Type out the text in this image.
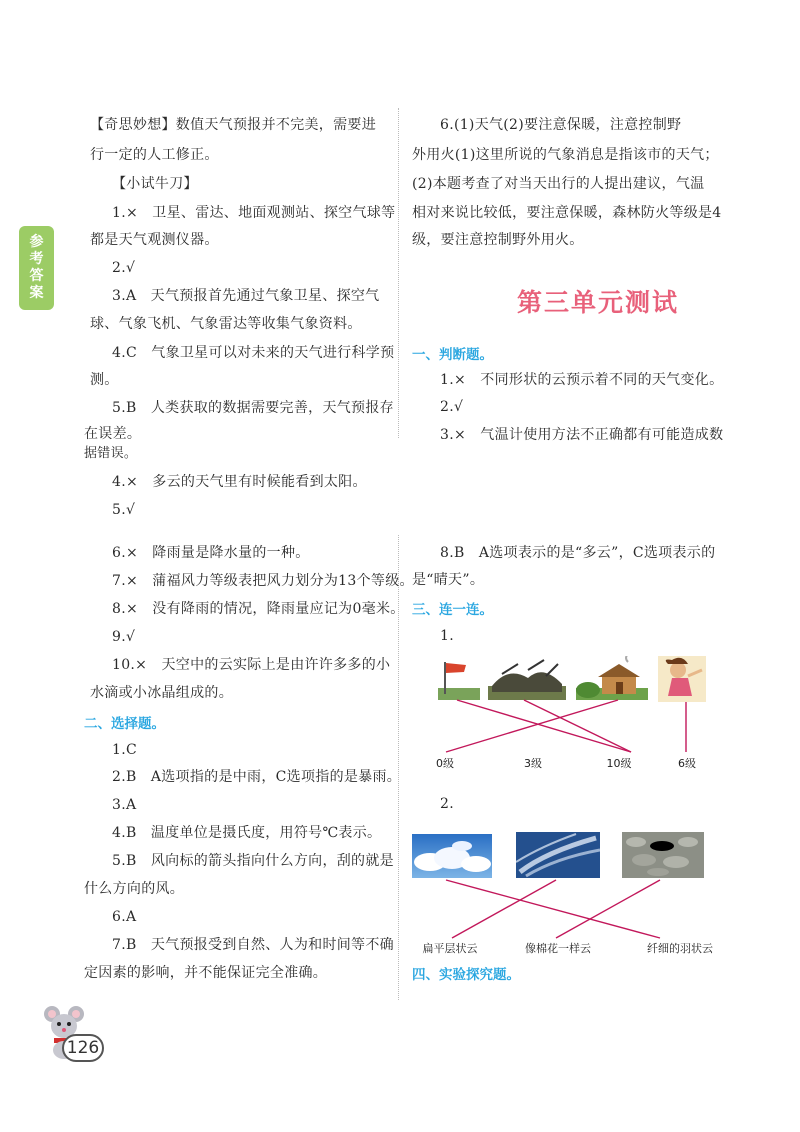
参考答案
【奇思妙想】数值天气预报并不完美，需要进
行一定的人工修正。
【小试牛刀】
1.×　卫星、雷达、地面观测站、探空气球等
都是天气观测仪器。
2.√
3.A　天气预报首先通过气象卫星、探空气
球、气象飞机、气象雷达等收集气象资料。
4.C　气象卫星可以对未来的天气进行科学预
测。
5.B　人类获取的数据需要完善，天气预报存
在误差。
据错误。
4.×　多云的天气里有时候能看到太阳。
5.√
6.×　降雨量是降水量的一种。
7.×　蒲福风力等级表把风力划分为13个等级。
8.×　没有降雨的情况，降雨量应记为0毫米。
9.√
10.×　天空中的云实际上是由许许多多的小
水滴或小冰晶组成的。
二、选择题。
1.C
2.B　A选项指的是中雨，C选项指的是暴雨。
3.A
4.B　温度单位是摄氏度，用符号℃表示。
5.B　风向标的箭头指向什么方向，刮的就是
什么方向的风。
6.A
7.B　天气预报受到自然、人为和时间等不确
定因素的影响，并不能保证完全准确。
6.(1)天气(2)要注意保暖，注意控制野
外用火(1)这里所说的气象消息是指该市的天气；
(2)本题考查了对当天出行的人提出建议，气温
相对来说比较低，要注意保暖，森林防火等级是4
级，要注意控制野外用火。
第三单元测试
一、判断题。
1.×　不同形状的云预示着不同的天气变化。
2.√
3.×　气温计使用方法不正确都有可能造成数
8.B　A选项表示的是“多云”，C选项表示的
是“晴天”。
三、连一连。
1.
0级	3级	10级	6级
2.
扁平层状云	像棉花一样云	纤细的羽状云
四、实验探究题。
126
